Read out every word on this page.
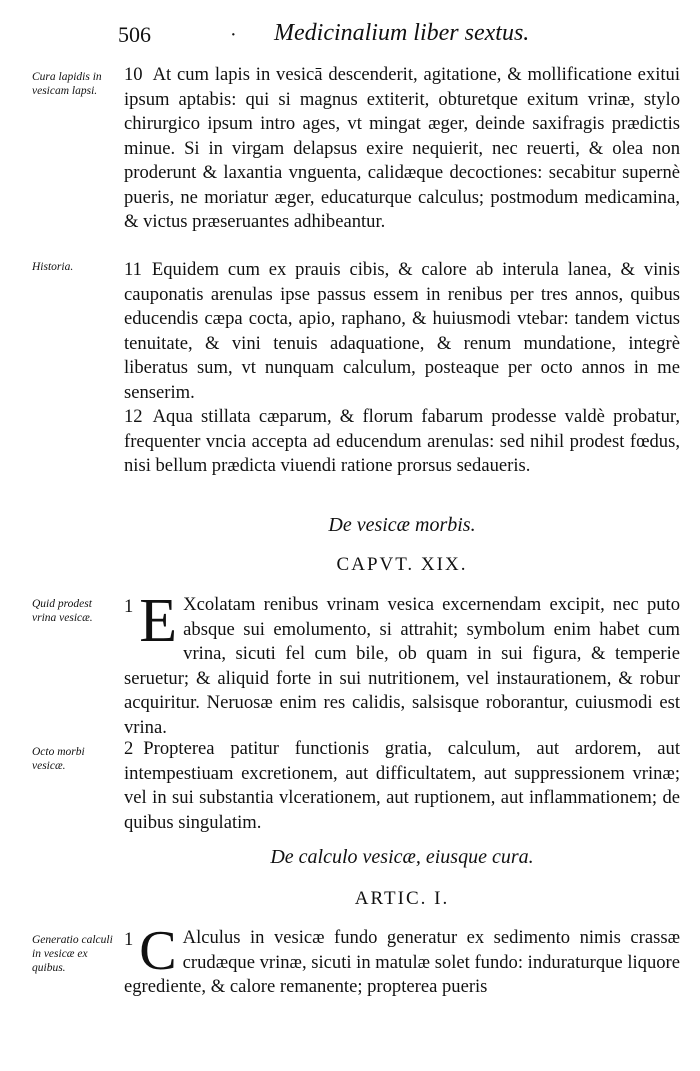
506	· Medicinalium liber sextus.
Cura lapidis in vesicam lapsi.
Historia.
Quid prodest vrina vesicæ.
Octo morbi vesicæ.
Generatio calculi in vesicæ ex quibus.

10 At cum lapis in vesicā descenderit, agitatione, & mollificatione exitui ipsum aptabis: qui si magnus extiterit, obturetque exitum vrinæ, stylo chirurgico ipsum intro ages, vt mingat æger, deinde saxifragis prædictis minue. Si in virgam delapsus exire nequierit, nec reuerti, & olea non proderunt & laxantia vnguenta, calidæque decoctiones: secabitur supernè pueris, ne moriatur æger, educaturque calculus; postmodum medicamina, & victus præseruantes adhibeantur.

11 Equidem cum ex prauis cibis, & calore ab interula lanea, & vinis cauponatis arenulas ipse passus essem in renibus per tres annos, quibus educendis cæpa cocta, apio, raphano, & huiusmodi vtebar: tandem victus tenuitate, & vini tenuis adaquatione, & renum mundatione, integrè liberatus sum, vt nunquam calculum, posteaque per octo annos in me senserim.

12 Aqua stillata cæparum, & florum fabarum prodesse valdè probatur, frequenter vncia accepta ad educendum arenulas: sed nihil prodest fœdus, nisi bellum prædicta viuendi ratione prorsus sedaueris.

De vesicæ morbis.
CAPVT. XIX.

1 E Xcolatam renibus vrinam vesica excernendam excipit, nec puto absque sui emolumento, si attrahit; symbolum enim habet cum vrina, sicuti fel cum bile, ob quam in sui figura, & temperie seruetur; & aliquid forte in sui nutritionem, vel instaurationem, & robur acquiritur. Neruosæ enim res calidis, salsisque roborantur, cuiusmodi est vrina.

2 Propterea patitur functionis gratia, calculum, aut ardorem, aut intempestiuam excretionem, aut difficultatem, aut suppressionem vrinæ; vel in sui substantia vlcerationem, aut ruptionem, aut inflammationem; de quibus singulatim.

De calculo vesicæ, eiusque cura.
ARTIC. I.

1 C Alculus in vesicæ fundo generatur ex sedimento nimis crassæ crudæque vrinæ, sicuti in matulæ solet fundo: induraturque liquore egrediente, & calore remanente; propterea pueris
